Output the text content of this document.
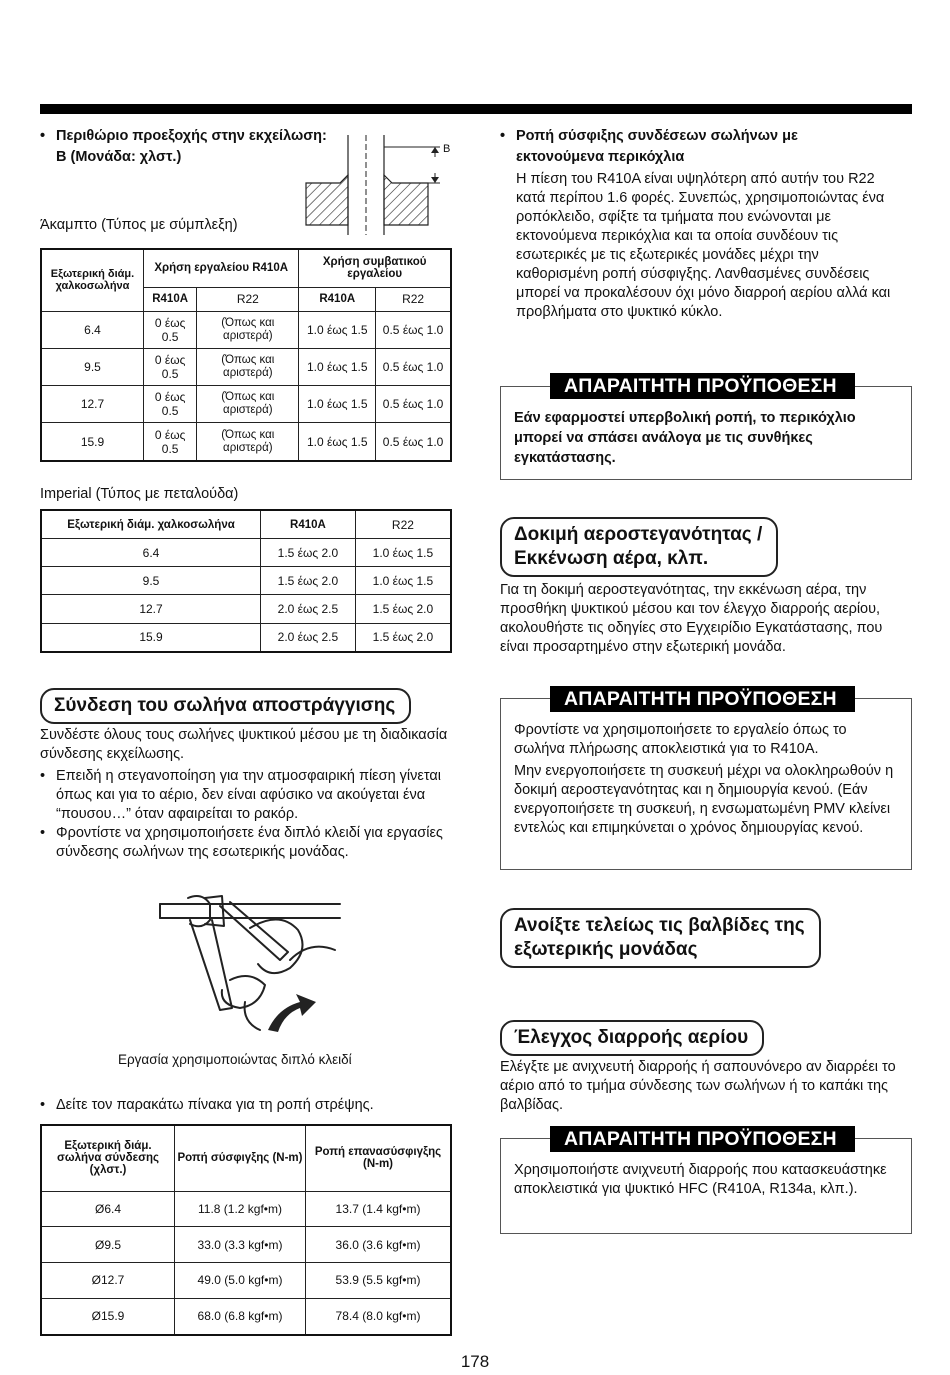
• Περιθώριο προεξοχής στην εκχείλωση:
B (Μονάδα: χλστ.)	B
Άκαμπτο (Τύπος με σύμπλεξη)
Εξωτερική διάμ. χαλκοσωλήνα	Χρήση εργαλείου R410A		Χρήση συμβατικού εργαλείου	
	R410A	R22	R410A	R22
6.4	0 έως 0.5	(Όπως και αριστερά)	1.0 έως 1.5	0.5 έως 1.0
9.5	0 έως 0.5	(Όπως και αριστερά)	1.0 έως 1.5	0.5 έως 1.0
12.7	0 έως 0.5	(Όπως και αριστερά)	1.0 έως 1.5	0.5 έως 1.0
15.9	0 έως 0.5	(Όπως και αριστερά)	1.0 έως 1.5	0.5 έως 1.0
Imperial (Τύπος με πεταλούδα)
Εξωτερική διάμ. χαλκοσωλήνα	R410A	R22
6.4	1.5 έως 2.0	1.0 έως 1.5
9.5	1.5 έως 2.0	1.0 έως 1.5
12.7	2.0 έως 2.5	1.5 έως 2.0
15.9	2.0 έως 2.5	1.5 έως 2.0
Σύνδεση του σωλήνα αποστράγγισης
Συνδέστε όλους τους σωλήνες ψυκτικού μέσου με τη διαδικασία σύνδεσης εκχείλωσης.
• Επειδή η στεγανοποίηση για την ατμοσφαιρική πίεση γίνεται όπως και για το αέριο, δεν είναι αφύσικο να ακούγεται ένα “πουσου…” όταν αφαιρείται το ρακόρ.
• Φροντίστε να χρησιμοποιήσετε ένα διπλό κλειδί για εργασίες σύνδεσης σωλήνων της εσωτερικής μονάδας.
Εργασία χρησιμοποιώντας διπλό κλειδί
• Δείτε τον παρακάτω πίνακα για τη ροπή στρέψης.
Εξωτερική διάμ. σωλήνα σύνδεσης (χλστ.)	Ροπή σύσφιγξης (N-m)	Ροπή επανασύσφιγξης (N-m)
Ø6.4	11.8 (1.2 kgf•m)	13.7 (1.4 kgf•m)
Ø9.5	33.0 (3.3 kgf•m)	36.0 (3.6 kgf•m)
Ø12.7	49.0 (5.0 kgf•m)	53.9 (5.5 kgf•m)
Ø15.9	68.0 (6.8 kgf•m)	78.4 (8.0 kgf•m)
• Ροπή σύσφιξης συνδέσεων σωλήνων με
εκτονούμενα περικόχλια
Η πίεση του R410A είναι υψηλότερη από αυτήν του R22 κατά περίπου 1.6 φορές. Συνεπώς, χρησιμοποιώντας ένα ροπόκλειδο, σφίξτε τα τμήματα που ενώνονται με εκτονούμενα περικόχλια και τα οποία συνδέουν τις εσωτερικές με τις εξωτερικές μονάδες μέχρι την καθορισμένη ροπή σύσφιγξης. Λανθασμένες συνδέσεις μπορεί να προκαλέσουν όχι μόνο διαρροή αερίου αλλά και προβλήματα στο ψυκτικό κύκλο.
ΑΠΑΡΑΙΤΗΤΗ ΠΡΟΫΠΟΘΕΣΗ
Εάν εφαρμοστεί υπερβολική ροπή, το περικόχλιο μπορεί να σπάσει ανάλογα με τις συνθήκες εγκατάστασης.
Δοκιμή αεροστεγανότητας /
Εκκένωση αέρα, κλπ.
Για τη δοκιμή αεροστεγανότητας, την εκκένωση αέρα, την προσθήκη ψυκτικού μέσου και τον έλεγχο διαρροής αερίου, ακολουθήστε τις οδηγίες στο Εγχειρίδιο Εγκατάστασης, που είναι προσαρτημένο στην εξωτερική μονάδα.
ΑΠΑΡΑΙΤΗΤΗ ΠΡΟΫΠΟΘΕΣΗ
Φροντίστε να χρησιμοποιήσετε το εργαλείο όπως το σωλήνα πλήρωσης αποκλειστικά για το R410A.
Μην ενεργοποιήσετε τη συσκευή μέχρι να ολοκληρωθούν η δοκιμή αεροστεγανότητας και η δημιουργία κενού. (Εάν ενεργοποιήσετε τη συσκευή, η ενσωματωμένη PMV κλείνει εντελώς και επιμηκύνεται ο χρόνος δημιουργίας κενού.
Ανοίξτε τελείως τις βαλβίδες της
εξωτερικής μονάδας
Έλεγχος διαρροής αερίου
Ελέγξτε με ανιχνευτή διαρροής ή σαπουνόνερο αν διαρρέει το αέριο από το τμήμα σύνδεσης των σωλήνων ή το καπάκι της βαλβίδας.
ΑΠΑΡΑΙΤΗΤΗ ΠΡΟΫΠΟΘΕΣΗ
Χρησιμοποιήστε ανιχνευτή διαρροής που κατασκευάστηκε αποκλειστικά για ψυκτικό HFC (R410A, R134a, κλπ.).
178
